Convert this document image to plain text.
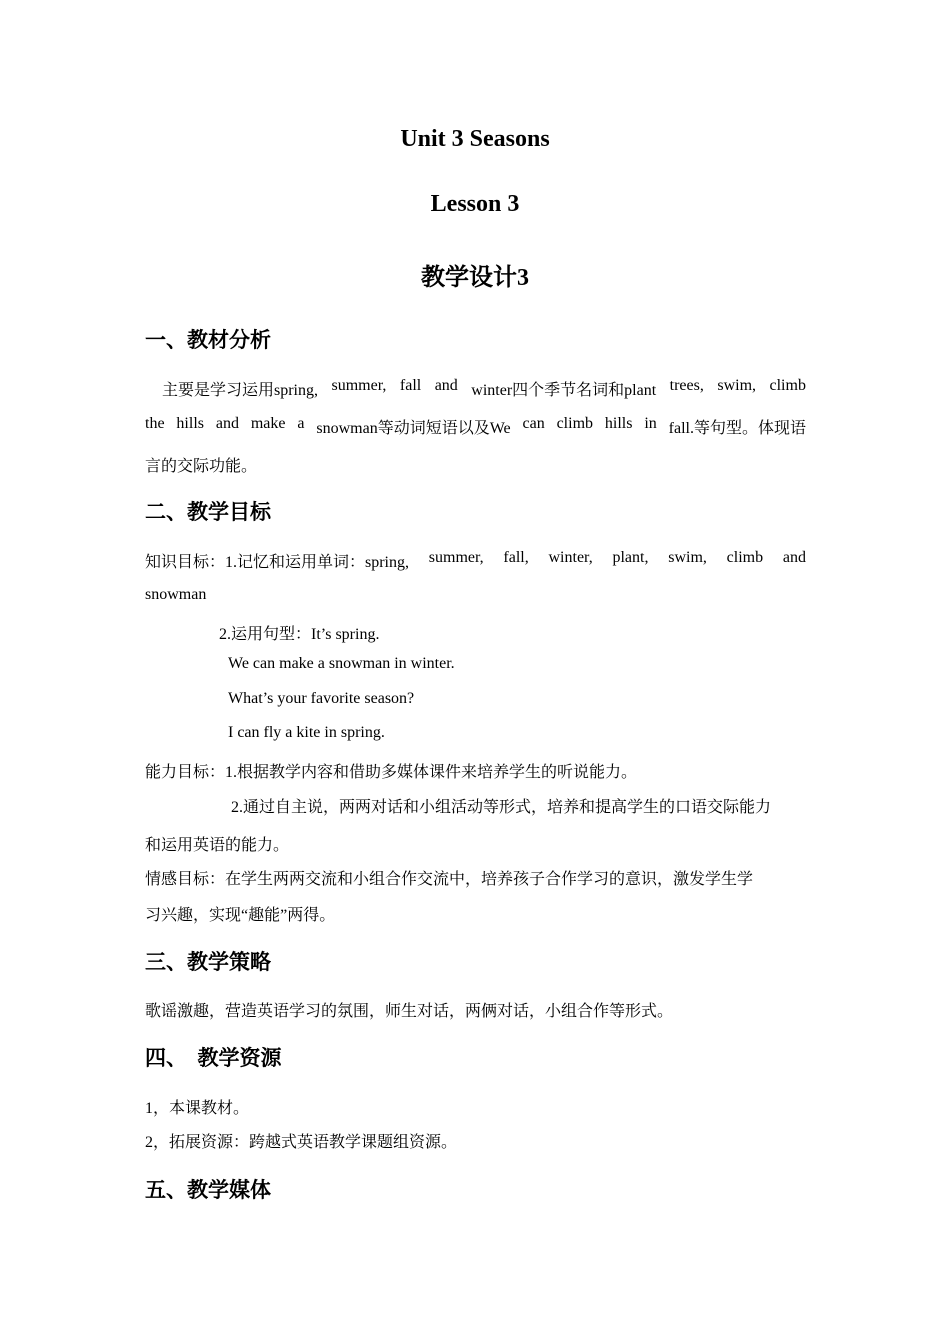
Unit 3 Seasons
Lesson 3
教学设计3
一、教材分析
主要是学习运用spring, summer, fall and winter四个季节名词和plant trees, swim, climb
the hills and make a snowman等动词短语以及We can climb hills in fall.等句型。体现语
言的交际功能。
二、教学目标
知识目标：1.记忆和运用单词：spring, summer, fall, winter, plant, swim, climb and
snowman
2.运用句型：It’s spring.
We can make a snowman in winter.
What’s your favorite season?
I can fly a kite in spring.
能力目标：1.根据教学内容和借助多媒体课件来培养学生的听说能力。
2.通过自主说，两两对话和小组活动等形式，培养和提高学生的口语交际能力
和运用英语的能力。
情感目标：在学生两两交流和小组合作交流中，培养孩子合作学习的意识，激发学生学
习兴趣，实现“趣能”两得。
三、教学策略
歌谣激趣，营造英语学习的氛围，师生对话，两俩对话，小组合作等形式。
四、  教学资源
1，本课教材。
2，拓展资源：跨越式英语教学课题组资源。
五、教学媒体
